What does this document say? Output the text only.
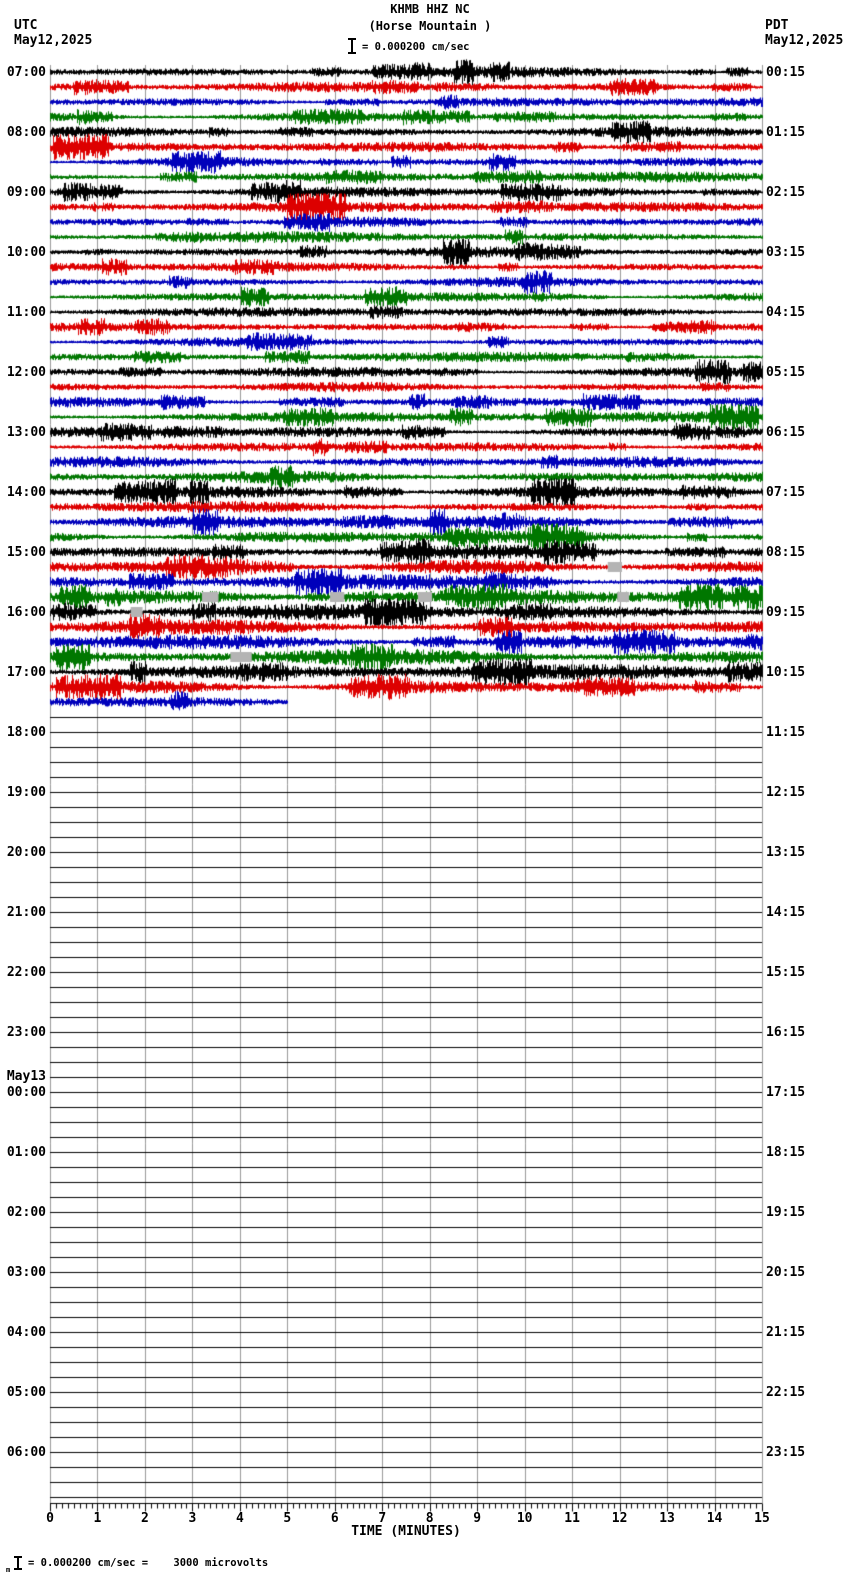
KHMB HHZ NC
(Horse Mountain )
= 0.000200 cm/sec
UTC
May12,2025
PDT
May12,2025
07:00
08:00
09:00
10:00
11:00
12:00
13:00
14:00
15:00
16:00
17:00
18:00
19:00
20:00
21:00
22:00
23:00
May13
00:00
01:00
02:00
03:00
04:00
05:00
06:00
00:15
01:15
02:15
03:15
04:15
05:15
06:15
07:15
08:15
09:15
10:15
11:15
12:15
13:15
14:15
15:15
16:15
17:15
18:15
19:15
20:15
21:15
22:15
23:15
0	1	2	3	4	5	6	7	8	9	10	11	12	13	14	15
TIME (MINUTES)
m
= 0.000200 cm/sec =    3000 microvolts
